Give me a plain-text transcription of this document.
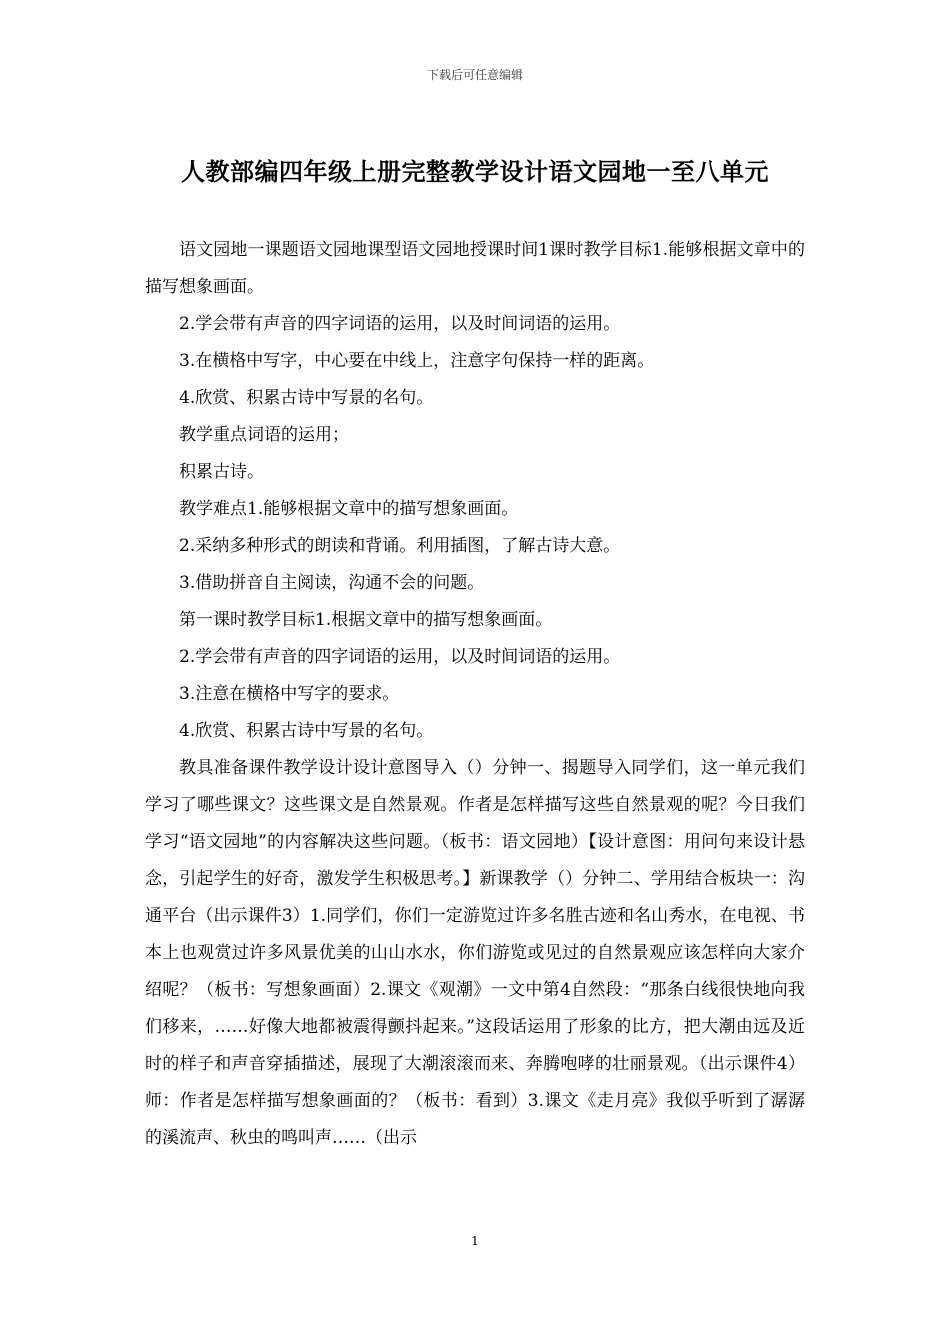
下载后可任意编辑
人教部编四年级上册完整教学设计语文园地一至八单元

语文园地一课题语文园地课型语文园地授课时间1课时教学目标1.能够根据文章中的描写想象画面。

2.学会带有声音的四字词语的运用，以及时间词语的运用。

3.在横格中写字，中心要在中线上，注意字句保持一样的距离。

4.欣赏、积累古诗中写景的名句。

教学重点词语的运用；

积累古诗。

教学难点1.能够根据文章中的描写想象画面。

2.采纳多种形式的朗读和背诵。利用插图，了解古诗大意。

3.借助拼音自主阅读，沟通不会的问题。

第一课时教学目标1.根据文章中的描写想象画面。

2.学会带有声音的四字词语的运用，以及时间词语的运用。

3.注意在横格中写字的要求。

4.欣赏、积累古诗中写景的名句。

教具准备课件教学设计设计意图导入（）分钟一、揭题导入同学们，这一单元我们学习了哪些课文？这些课文是自然景观。作者是怎样描写这些自然景观的呢？今日我们学习“语文园地”的内容解决这些问题。（板书：语文园地）【设计意图：用问句来设计悬念，引起学生的好奇，激发学生积极思考。】新课教学（）分钟二、学用结合板块一：沟通平台（出示课件3）1.同学们，你们一定游览过许多名胜古迹和名山秀水，在电视、书本上也观赏过许多风景优美的山山水水，你们游览或见过的自然景观应该怎样向大家介绍呢？（板书：写想象画面）2.课文《观潮》一文中第4自然段：“那条白线很快地向我们移来，……好像大地都被震得颤抖起来。”这段话运用了形象的比方，把大潮由远及近时的样子和声音穿插描述，展现了大潮滚滚而来、奔腾咆哮的壮丽景观。（出示课件4）师：作者是怎样描写想象画面的？（板书：看到）3.课文《走月亮》我似乎听到了潺潺的溪流声、秋虫的鸣叫声……（出示

1
